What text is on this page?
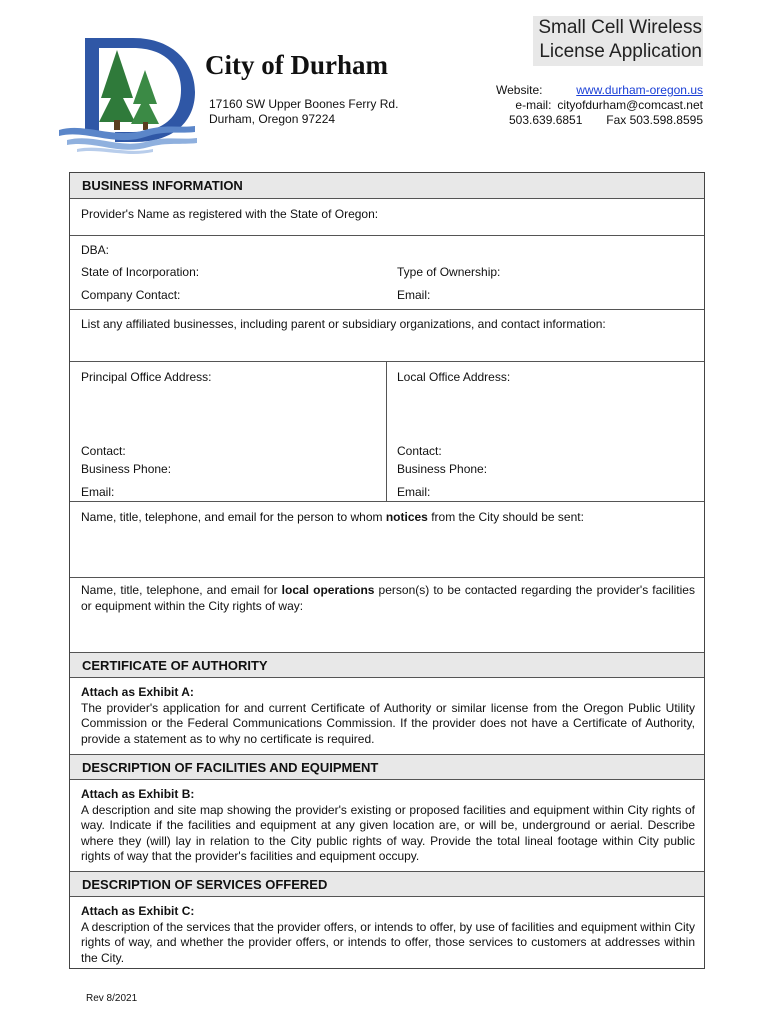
City of Durham
17160 SW Upper Boones Ferry Rd.
Durham, Oregon 97224
Small Cell Wireless
License Application
Website:	www.durham-oregon.us
e-mail: cityofdurham@comcast.net
503.639.6851 Fax 503.598.8595
BUSINESS INFORMATION
Provider's Name as registered with the State of Oregon:
DBA:
State of Incorporation:	Type of Ownership:
Company Contact:	Email:
List any affiliated businesses, including parent or subsidiary organizations, and contact information:
Principal Office Address:	Local Office Address:
Contact:	Contact:
Business Phone:	Business Phone:
Email:	Email:
Name, title, telephone, and email for the person to whom notices from the City should be sent:
Name, title, telephone, and email for local operations person(s) to be contacted regarding the provider's facilities or equipment within the City rights of way:
CERTIFICATE OF AUTHORITY
Attach as Exhibit A:
The provider's application for and current Certificate of Authority or similar license from the Oregon Public Utility Commission or the Federal Communications Commission. If the provider does not have a Certificate of Authority, provide a statement as to why no certificate is required.
DESCRIPTION OF FACILITIES AND EQUIPMENT
Attach as Exhibit B:
A description and site map showing the provider's existing or proposed facilities and equipment within City rights of way. Indicate if the facilities and equipment at any given location are, or will be, underground or aerial. Describe where they (will) lay in relation to the City public rights of way. Provide the total lineal footage within City public rights of way that the provider's facilities and equipment occupy.
DESCRIPTION OF SERVICES OFFERED
Attach as Exhibit C:
A description of the services that the provider offers, or intends to offer, by use of facilities and equipment within City rights of way, and whether the provider offers, or intends to offer, those services to customers at addresses within the City.
Rev 8/2021
